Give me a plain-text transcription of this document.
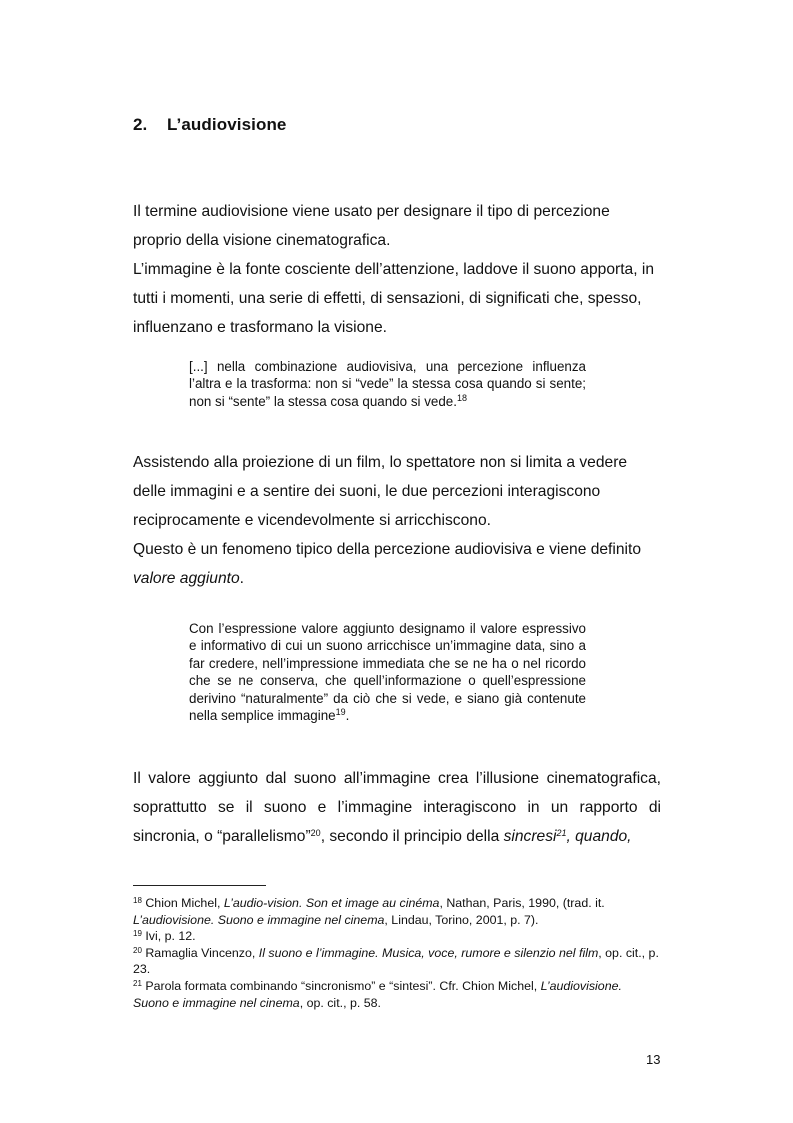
2. L’audiovisione

Il termine audiovisione viene usato per designare il tipo di percezione proprio della visione cinematografica.

L’immagine è la fonte cosciente dell’attenzione, laddove il suono apporta, in tutti i momenti, una serie di effetti, di sensazioni, di significati che, spesso, influenzano e trasformano la visione.

[...] nella combinazione audiovisiva, una percezione influenza l’altra e la trasforma: non si “vede” la stessa cosa quando si sente; non si “sente” la stessa cosa quando si vede.$^{18}$

Assistendo alla proiezione di un film, lo spettatore non si limita a vedere delle immagini e a sentire dei suoni, le due percezioni interagiscono reciprocamente e vicendevolmente si arricchiscono.

Questo è un fenomeno tipico della percezione audiovisiva e viene definito valore aggiunto.

Con l’espressione valore aggiunto designamo il valore espressivo e informativo di cui un suono arricchisce un’immagine data, sino a far credere, nell’impressione immediata che se ne ha o nel ricordo che se ne conserva, che quell’informazione o quell’espressione derivino “naturalmente” da ciò che si vede, e siano già contenute nella semplice immagine$^{19}$.

Il valore aggiunto dal suono all’immagine crea l’illusione cinematografica, soprattutto se il suono e l’immagine interagiscono in un rapporto di sincronia, o “parallelismo”$^{20}$, secondo il principio della sincresi$^{21}$, quando,

$^{18}$ Chion Michel, L’audio-vision. Son et image au cinéma, Nathan, Paris, 1990, (trad. it. L’audiovisione. Suono e immagine nel cinema, Lindau, Torino, 2001, p. 7).

$^{19}$ Ivi, p. 12.

$^{20}$ Ramaglia Vincenzo, Il suono e l’immagine. Musica, voce, rumore e silenzio nel film, op. cit., p. 23.

$^{21}$ Parola formata combinando “sincronismo” e “sintesi”. Cfr. Chion Michel, L’audiovisione. Suono e immagine nel cinema, op. cit., p. 58.

13
